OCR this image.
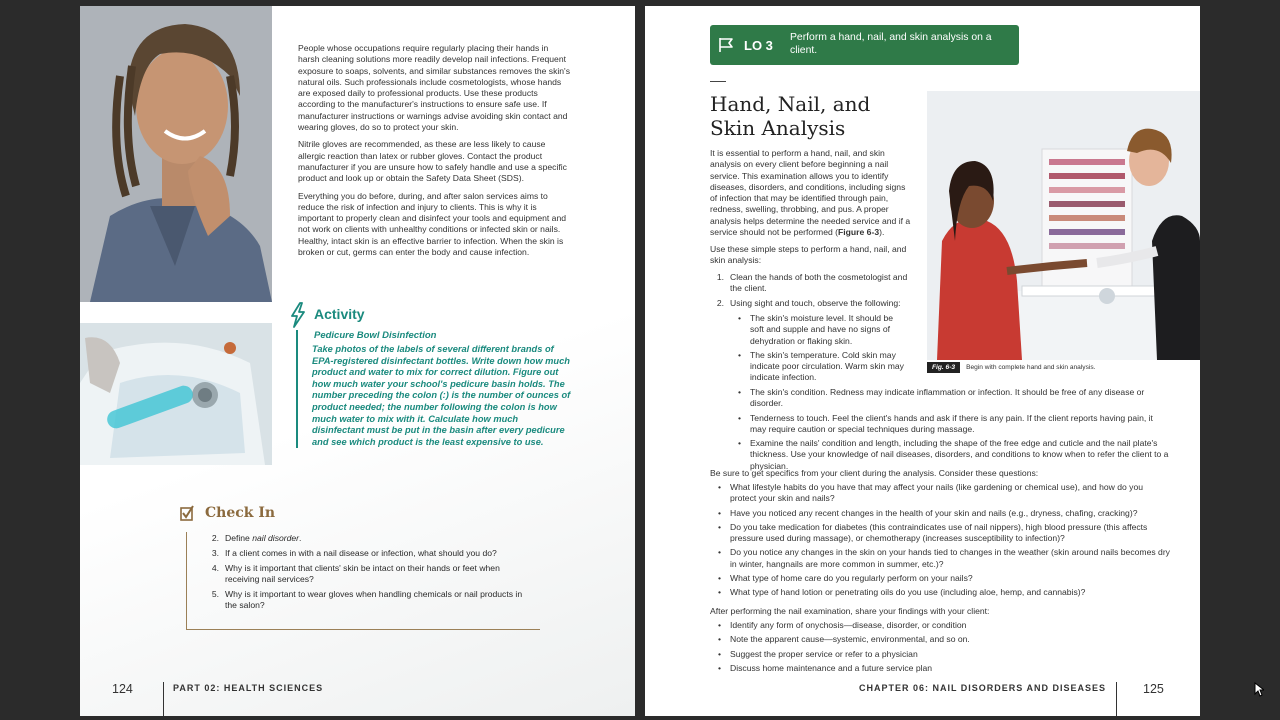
People whose occupations require regularly placing their hands in harsh cleaning solutions more readily develop nail infections. Frequent exposure to soaps, solvents, and similar substances removes the skin's natural oils. Such professionals include cosmetologists, whose hands are exposed daily to professional products. Use these products according to the manufacturer's instructions to ensure safe use. If manufacturer instructions or warnings advise avoiding skin contact and wearing gloves, do so to protect your skin.

Nitrile gloves are recommended, as these are less likely to cause allergic reaction than latex or rubber gloves. Contact the product manufacturer if you are unsure how to safely handle and use a specific product and look up or obtain the Safety Data Sheet (SDS).

Everything you do before, during, and after salon services aims to reduce the risk of infection and injury to clients. This is why it is important to properly clean and disinfect your tools and equipment and not work on clients with unhealthy conditions or infected skin or nails. Healthy, intact skin is an effective barrier to infection. When the skin is broken or cut, germs can enter the body and cause infection.

Activity
Pedicure Bowl Disinfection
Take photos of the labels of several different brands of EPA-registered disinfectant bottles. Write down how much product and water to mix for correct dilution. Figure out how much water your school's pedicure basin holds. The number preceding the colon (:) is the number of ounces of product needed; the number following the colon is how much water to mix with it. Calculate how much disinfectant must be put in the basin after every pedicure and see which product is the least expensive to use.
Check In
2. Define nail disorder.
3. If a client comes in with a nail disease or infection, what should you do?
4. Why is it important that clients' skin be intact on their hands or feet when receiving nail services?
5. Why is it important to wear gloves when handling chemicals or nail products in the salon?
124	PART 02: HEALTH SCIENCES
LO 3
Perform a hand, nail, and skin analysis on a client.
Hand, Nail, and
Skin Analysis
Fig. 6-3	Begin with complete hand and skin analysis.
It is essential to perform a hand, nail, and skin analysis on every client before beginning a nail service. This examination allows you to identify diseases, disorders, and conditions, including signs of infection that may be identified through pain, redness, swelling, throbbing, and pus. A proper analysis helps determine the needed service and if a service should not be performed (Figure 6-3).
Use these simple steps to perform a hand, nail, and skin analysis:
1. Clean the hands of both the cosmetologist and the client.
2. Using sight and touch, observe the following:
• The skin's moisture level. It should be soft and supple and have no signs of dehydration or flaking skin.
• The skin's temperature. Cold skin may indicate poor circulation. Warm skin may indicate infection.
• The skin's condition. Redness may indicate inflammation or infection. It should be free of any disease or disorder.
• Tenderness to touch. Feel the client's hands and ask if there is any pain. If the client reports having pain, it may require caution or special techniques during massage.
• Examine the nails' condition and length, including the shape of the free edge and cuticle and the nail plate's thickness. Use your knowledge of nail diseases, disorders, and conditions to know when to refer the client to a physician.
Be sure to get specifics from your client during the analysis. Consider these questions:
• What lifestyle habits do you have that may affect your nails (like gardening or chemical use), and how do you protect your skin and nails?
• Have you noticed any recent changes in the health of your skin and nails (e.g., dryness, chafing, cracking)?
• Do you take medication for diabetes (this contraindicates use of nail nippers), high blood pressure (this affects pressure used during massage), or chemotherapy (increases susceptibility to infection)?
• Do you notice any changes in the skin on your hands tied to changes in the weather (skin around nails becomes dry in winter, hangnails are more common in summer, etc.)?
• What type of home care do you regularly perform on your nails?
• What type of hand lotion or penetrating oils do you use (including aloe, hemp, and cannabis)?
After performing the nail examination, share your findings with your client:
• Identify any form of onychosis—disease, disorder, or condition
• Note the apparent cause—systemic, environmental, and so on.
• Suggest the proper service or refer to a physician
• Discuss home maintenance and a future service plan
CHAPTER 06: NAIL DISORDERS AND DISEASES	125
